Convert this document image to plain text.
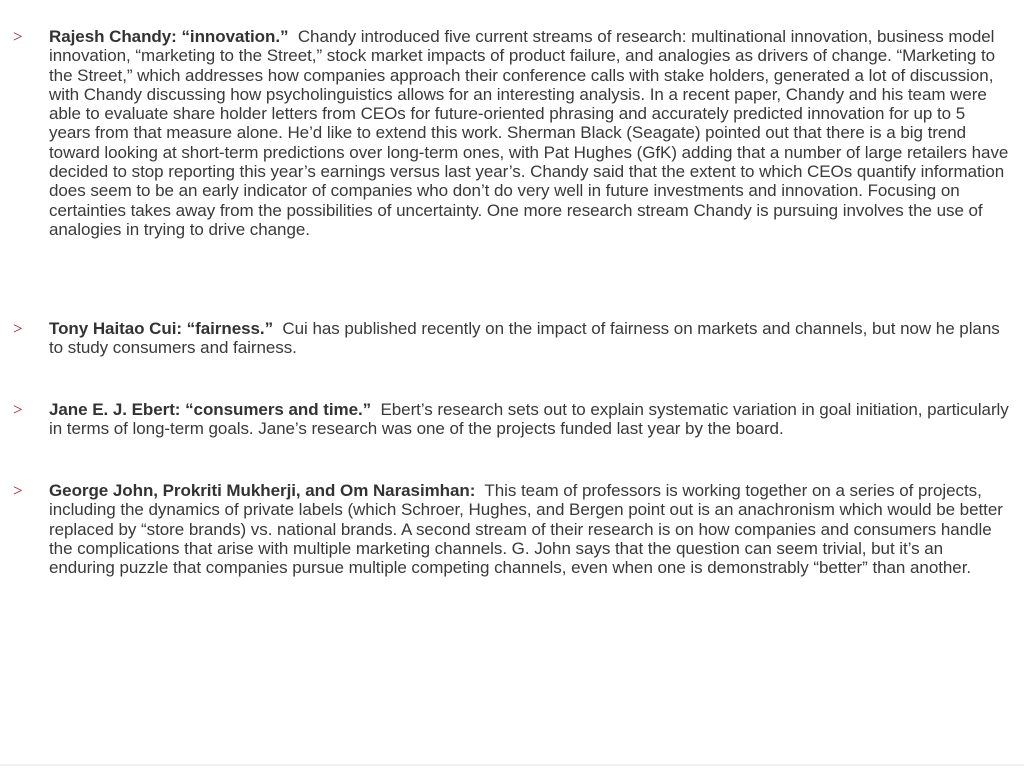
> Rajesh Chandy: “innovation.” Chandy introduced five current streams of research: multinational innovation, business model innovation, “marketing to the Street,” stock market impacts of product failure, and analogies as drivers of change. “Marketing to the Street,” which addresses how companies approach their conference calls with stake holders, generated a lot of discussion, with Chandy discussing how psycholinguistics allows for an interesting analysis. In a recent paper, Chandy and his team were able to evaluate share holder letters from CEOs for future-oriented phrasing and accurately predicted innovation for up to 5 years from that measure alone. He’d like to extend this work. Sherman Black (Seagate) pointed out that there is a big trend toward looking at short-term predictions over long-term ones, with Pat Hughes (GfK) adding that a number of large retailers have decided to stop reporting this year’s earnings versus last year’s. Chandy said that the extent to which CEOs quantify information does seem to be an early indicator of companies who don’t do very well in future investments and innovation. Focusing on certainties takes away from the possibilities of uncertainty. One more research stream Chandy is pursuing involves the use of analogies in trying to drive change.
> Tony Haitao Cui: “fairness.” Cui has published recently on the impact of fairness on markets and channels, but now he plans to study consumers and fairness.
> Jane E. J. Ebert: “consumers and time.” Ebert’s research sets out to explain systematic variation in goal initiation, particularly in terms of long-term goals. Jane’s research was one of the projects funded last year by the board.
> George John, Prokriti Mukherji, and Om Narasimhan: This team of professors is working together on a series of projects, including the dynamics of private labels (which Schroer, Hughes, and Bergen point out is an anachronism which would be better replaced by “store brands) vs. national brands. A second stream of their research is on how companies and consumers handle the complications that arise with multiple marketing channels. G. John says that the question can seem trivial, but it’s an enduring puzzle that companies pursue multiple competing channels, even when one is demonstrably “better” than another.
